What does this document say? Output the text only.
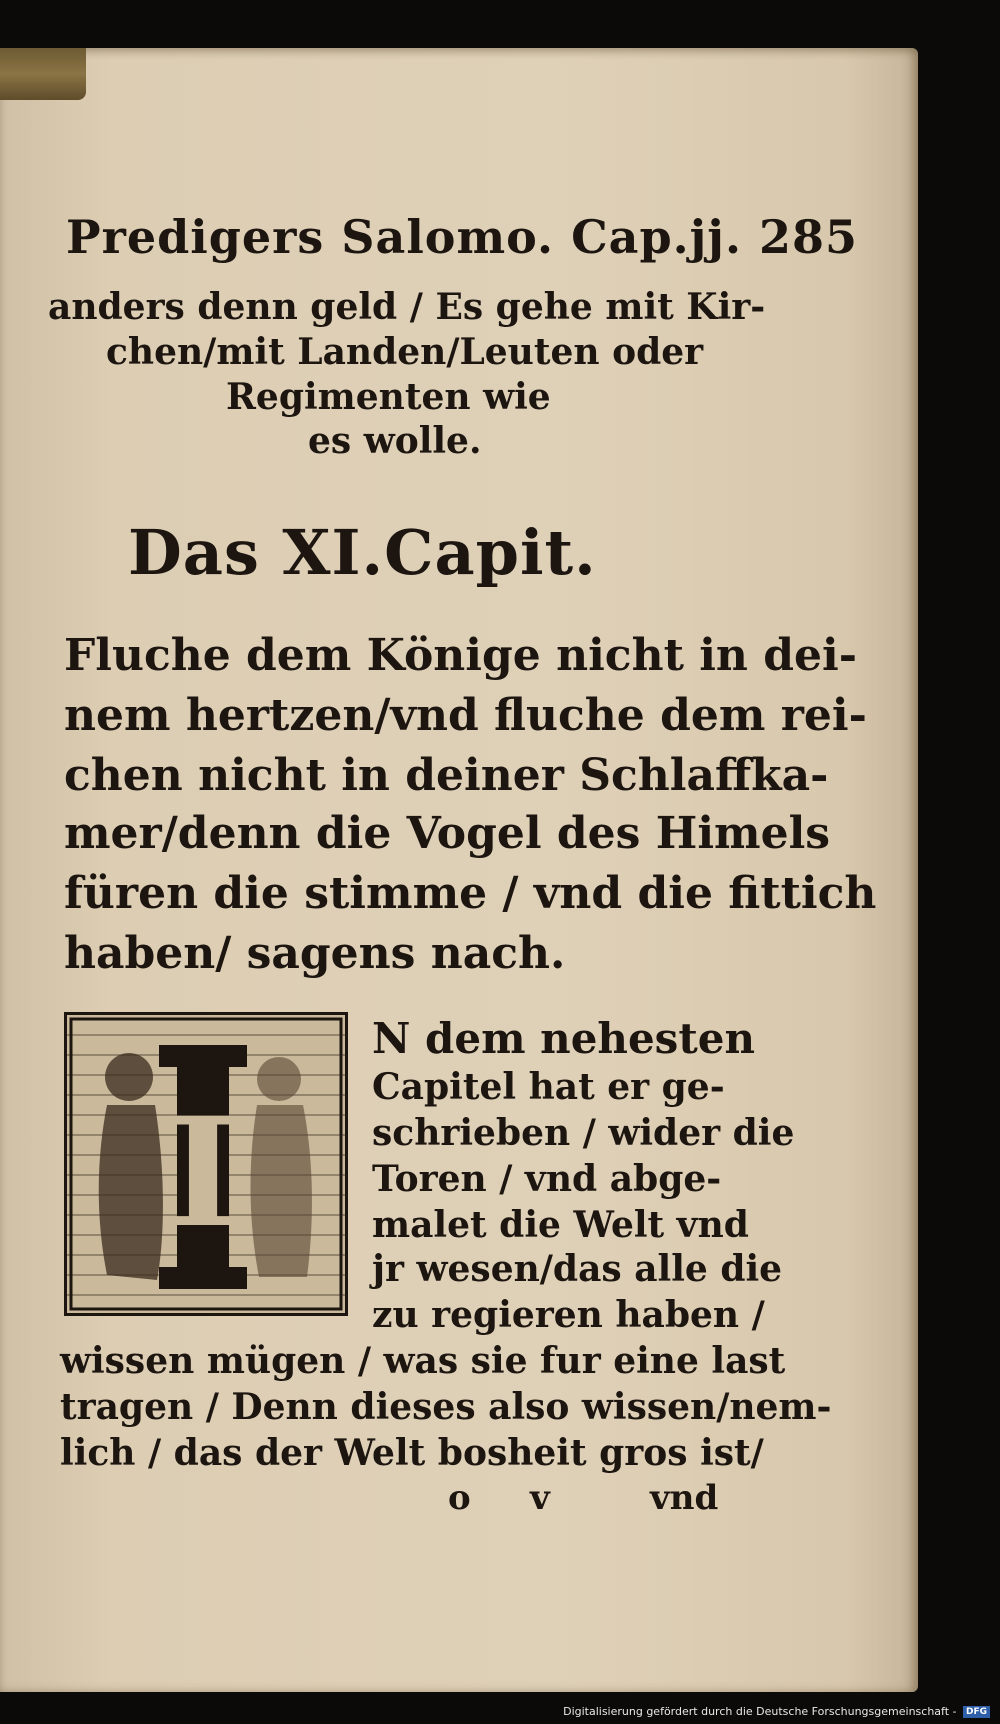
Predigers Salomo. Cap.jj. 285
anders denn geld / Es gehe mit Kir-
chen/mit Landen/Leuten oder
Regimenten wie
es wolle.
Das XI.Capit.
Fluche dem Könige nicht in dei-
nem hertzen/vnd fluche dem rei-
chen nicht in deiner Schlaffka-
mer/denn die Vogel des Himels
füren die stimme / vnd die fittich
haben/ sagens nach.
I
N dem nehesten
Capitel hat er ge-
schrieben / wider die
Toren / vnd abge-
malet die Welt vnd
jr wesen/das alle die
zu regieren haben /
wissen mügen / was sie fur eine last
tragen / Denn dieses also wissen/nem-
lich / das der Welt bosheit gros ist/
o v	vnd
Digitalisierung gefördert durch die Deutsche Forschungsgemeinschaft - DFG
